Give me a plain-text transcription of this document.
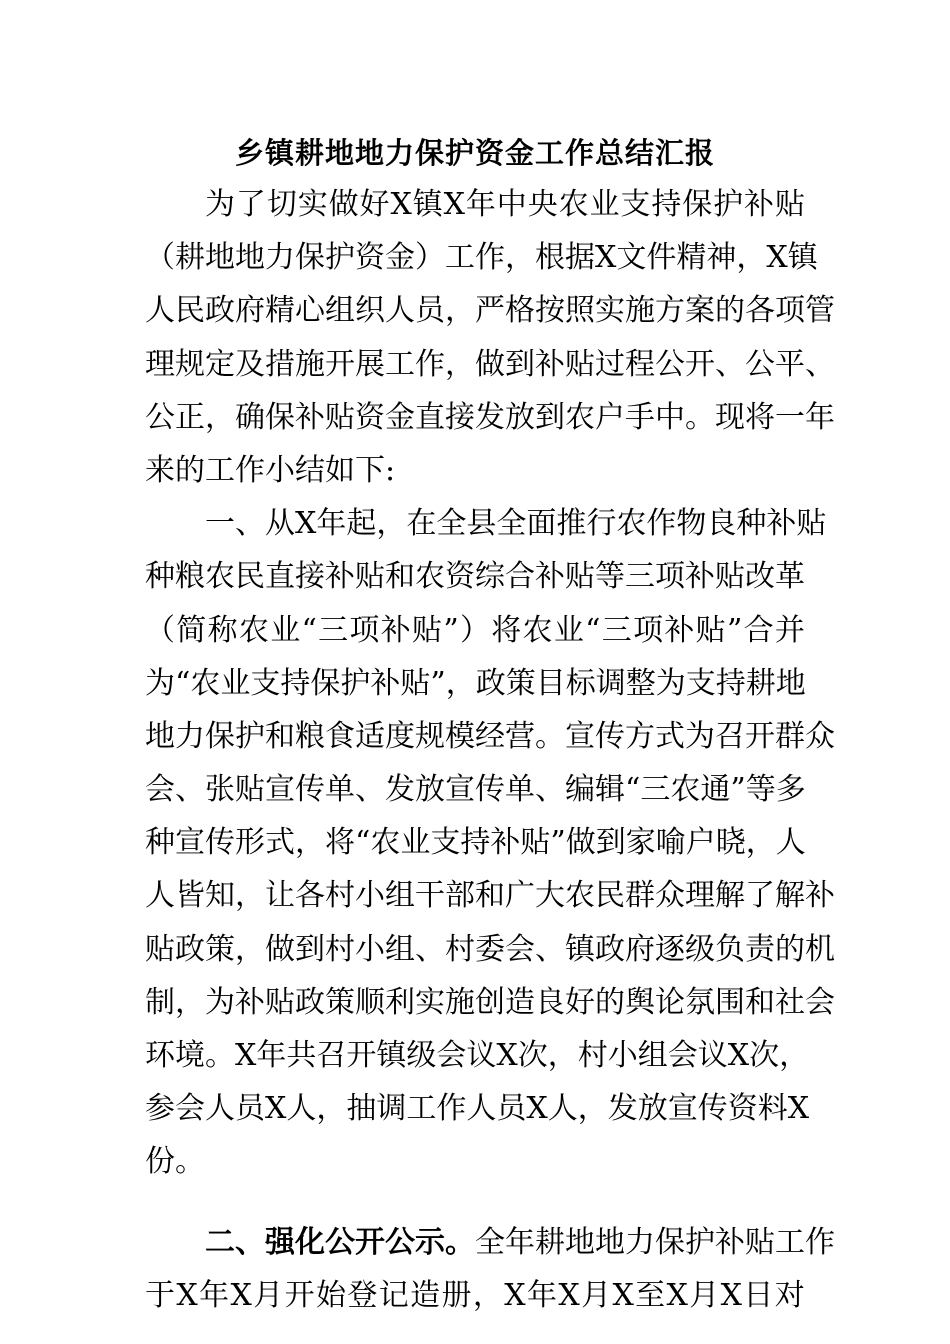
乡镇耕地地力保护资金工作总结汇报
为 了 切 实 做 好 X 镇 X 年 中 央 农 业 支 持 保 护 补 贴
（ 耕 地 地 力 保 护 资 金 ） 工 作 ， 根 据 X 文 件 精 神 ， X 镇
人 民 政 府 精 心 组 织 人 员 ， 严 格 按 照 实 施 方 案 的 各 项 管
理 规 定 及 措 施 开 展 工 作 ， 做 到 补 贴 过 程 公 开 、 公 平 、
公 正 ， 确 保 补 贴 资 金 直 接 发 放 到 农 户 手 中 。 现 将 一 年
来的工作小结如下:
一 、 从 X 年 起 ， 在 全 县 全 面 推 行 农 作 物 良 种 补 贴
种 粮 农 民 直 接 补 贴 和 农 资 综 合 补 贴 等 三 项 补 贴 改 革
（ 简 称 农 业 “ 三 项 补 贴 ” ） 将 农 业 “ 三 项 补 贴 ” 合 并
为 “ 农 业 支 持 保 护 补 贴 ” ， 政 策 目 标 调 整 为 支 持 耕 地
地 力 保 护 和 粮 食 适 度 规 模 经 营 。 宣 传 方 式 为 召 开 群 众
会 、 张 贴 宣 传 单 、 发 放 宣 传 单 、 编 辑 “ 三 农 通 ” 等 多
种 宣 传 形 式 ， 将 “ 农 业 支 持 补 贴 ” 做 到 家 喻 户 晓 ， 人
人 皆 知 ， 让 各 村 小 组 干 部 和 广 大 农 民 群 众 理 解 了 解 补
贴 政 策 ， 做 到 村 小 组 、 村 委 会 、 镇 政 府 逐 级 负 责 的 机
制 ， 为 补 贴 政 策 顺 利 实 施 创 造 良 好 的 舆 论 氛 围 和 社 会
环 境 。 X 年 共 召 开 镇 级 会 议 X 次 ， 村 小 组 会 议 X 次 ，
参 会 人 员 X 人 ， 抽 调 工 作 人 员 X 人 ， 发 放 宣 传 资 料 X
份。
二 、 强 化 公 开 公 示 。 全 年 耕 地 地 力 保 护 补 贴 工 作
于 X 年 X 月 开 始 登 记 造 册 ， X 年 X 月 X 至 X 月 X 日 对
